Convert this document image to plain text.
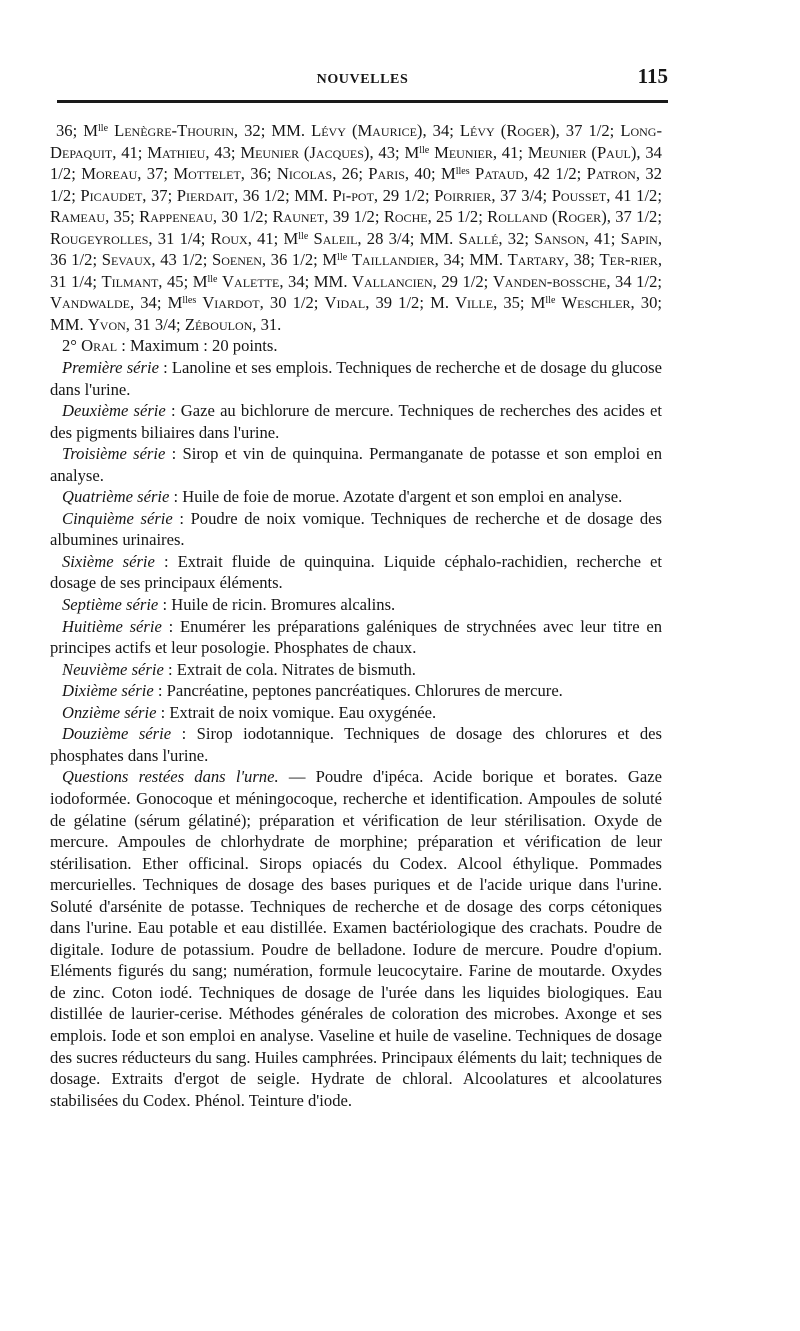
NOUVELLES	115

36; $M^{lle}$ Lenègre-Thourin, 32; MM. Lévy (Maurice), 34; Lévy (Roger), 37 1/2; Long-Depaquit, 41; Mathieu, 43; Meunier (Jacques), 43; $M^{lle}$ Meunier, 41; Meunier (Paul), 34 1/2; Moreau, 37; Mottelet, 36; Nicolas, 26; Paris, 40; $M^{lles}$ Pataud, 42 1/2; Patron, 32 1/2; Picaudet, 37; Pierdait, 36 1/2; MM. Pi-pot, 29 1/2; Poirrier, 37 3/4; Pousset, 41 1/2; Rameau, 35; Rappeneau, 30 1/2; Raunet, 39 1/2; Roche, 25 1/2; Rolland (Roger), 37 1/2; Rougeyrolles, 31 1/4; Roux, 41; $M^{lle}$ Saleil, 28 3/4; MM. Sallé, 32; Sanson, 41; Sapin, 36 1/2; Sevaux, 43 1/2; Soenen, 36 1/2; $M^{lle}$ Taillandier, 34; MM. Tartary, 38; Ter-rier, 31 1/4; Tilmant, 45; $M^{lle}$ Valette, 34; MM. Vallancien, 29 1/2; Vanden-bossche, 34 1/2; Vandwalde, 34; $M^{lles}$ Viardot, 30 1/2; Vidal, 39 1/2; M. Ville, 35; $M^{lle}$ Weschler, 30; MM. Yvon, 31 3/4; Zéboulon, 31.

2° Oral : Maximum : 20 points.

Première série : Lanoline et ses emplois. Techniques de recherche et de dosage du glucose dans l'urine.

Deuxième série : Gaze au bichlorure de mercure. Techniques de recherches des acides et des pigments biliaires dans l'urine.

Troisième série : Sirop et vin de quinquina. Permanganate de potasse et son emploi en analyse.

Quatrième série : Huile de foie de morue. Azotate d'argent et son emploi en analyse.

Cinquième série : Poudre de noix vomique. Techniques de recherche et de dosage des albumines urinaires.

Sixième série : Extrait fluide de quinquina. Liquide céphalo-rachidien, recherche et dosage de ses principaux éléments.

Septième série : Huile de ricin. Bromures alcalins.

Huitième série : Enumérer les préparations galéniques de strychnées avec leur titre en principes actifs et leur posologie. Phosphates de chaux.

Neuvième série : Extrait de cola. Nitrates de bismuth.

Dixième série : Pancréatine, peptones pancréatiques. Chlorures de mercure.

Onzième série : Extrait de noix vomique. Eau oxygénée.

Douzième série : Sirop iodotannique. Techniques de dosage des chlorures et des phosphates dans l'urine.

Questions restées dans l'urne. — Poudre d'ipéca. Acide borique et borates. Gaze iodoformée. Gonocoque et méningocoque, recherche et identification. Ampoules de soluté de gélatine (sérum gélatiné); préparation et vérification de leur stérilisation. Oxyde de mercure. Ampoules de chlorhydrate de morphine; préparation et vérification de leur stérilisation. Ether officinal. Sirops opiacés du Codex. Alcool éthylique. Pommades mercurielles. Techniques de dosage des bases puriques et de l'acide urique dans l'urine. Soluté d'arsénite de potasse. Techniques de recherche et de dosage des corps cétoniques dans l'urine. Eau potable et eau distillée. Examen bactériologique des crachats. Poudre de digitale. Iodure de potassium. Poudre de belladone. Iodure de mercure. Poudre d'opium. Eléments figurés du sang; numération, formule leucocytaire. Farine de moutarde. Oxydes de zinc. Coton iodé. Techniques de dosage de l'urée dans les liquides biologiques. Eau distillée de laurier-cerise. Méthodes générales de coloration des microbes. Axonge et ses emplois. Iode et son emploi en analyse. Vaseline et huile de vaseline. Techniques de dosage des sucres réducteurs du sang. Huiles camphrées. Principaux éléments du lait; techniques de dosage. Extraits d'ergot de seigle. Hydrate de chloral. Alcoolatures et alcoolatures stabilisées du Codex. Phénol. Teinture d'iode.
